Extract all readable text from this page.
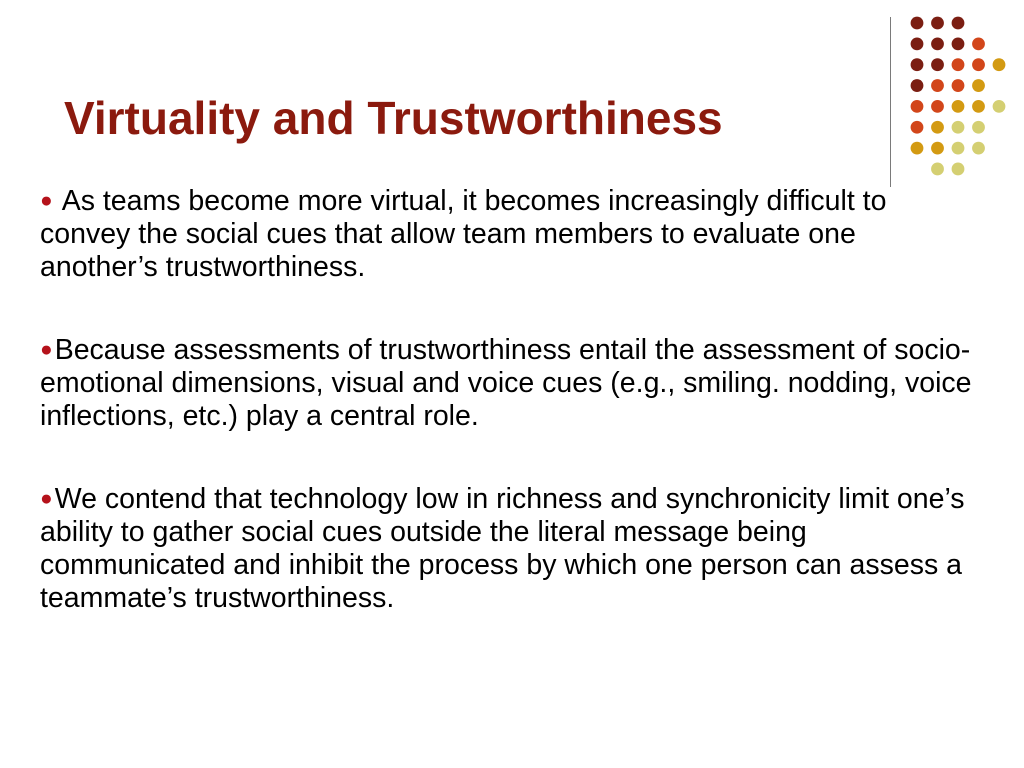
Virtuality and Trustworthiness

● As teams become more virtual, it becomes increasingly difficult to convey the social cues that allow team members to evaluate one another’s trustworthiness.

●Because assessments of trustworthiness entail the assessment of socio-emotional dimensions, visual and voice cues (e.g., smiling. nodding, voice inflections, etc.) play a central role.

●We contend that technology low in richness and synchronicity limit one’s ability to gather social cues outside the literal message being communicated and inhibit the process by which one person can assess a teammate’s trustworthiness.
